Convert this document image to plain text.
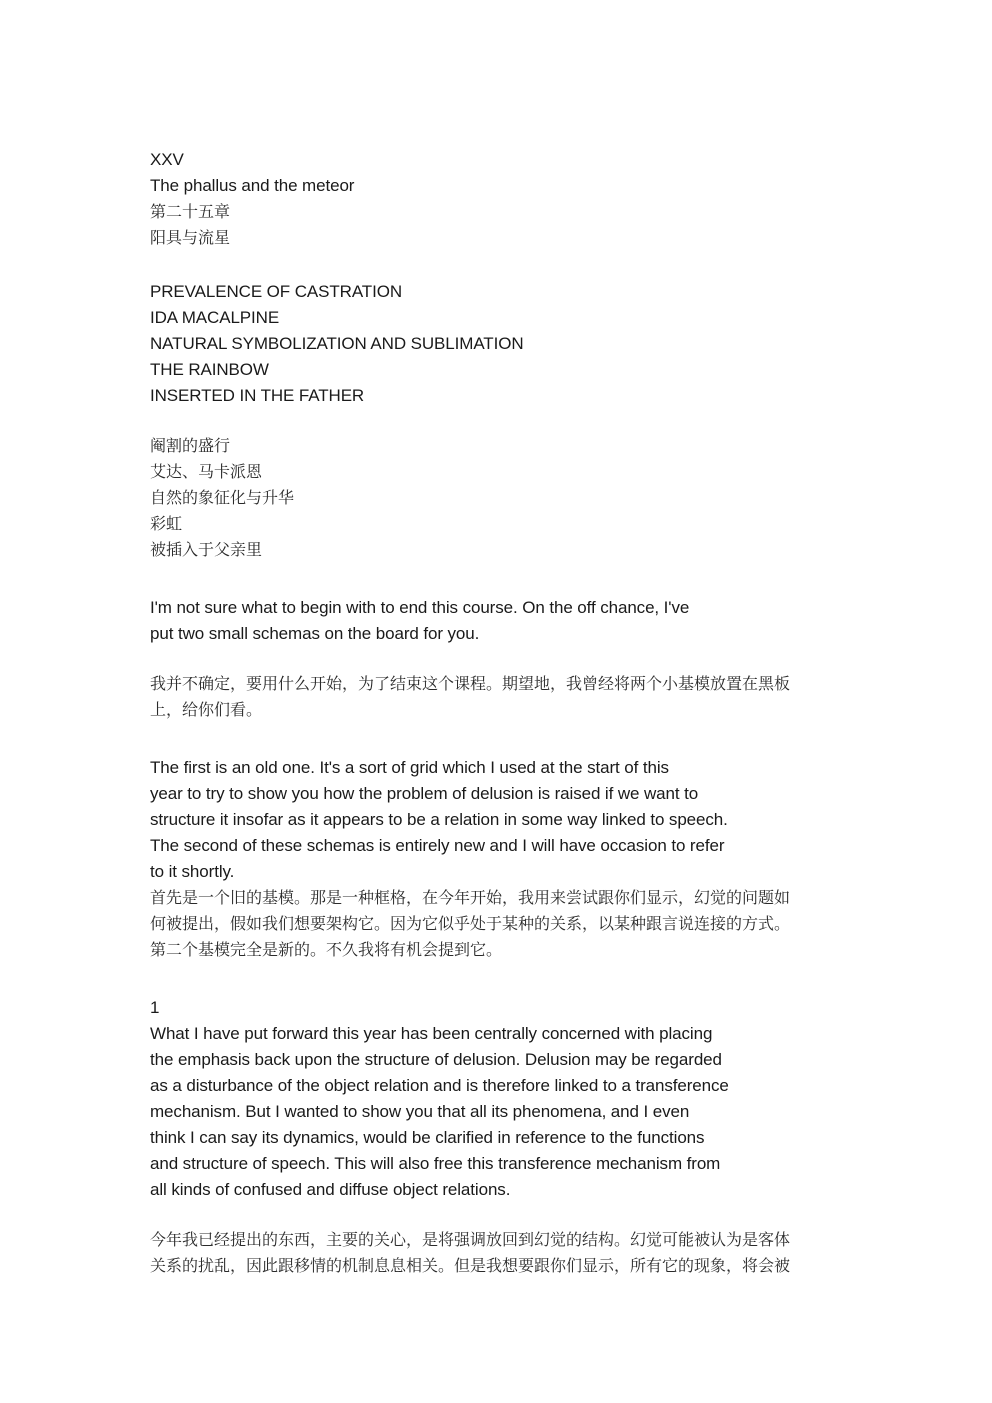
XXV

The phallus and the meteor

第二十五章

阳具与流星

PREVALENCE OF CASTRATION

IDA MACALPINE

NATURAL SYMBOLIZATION AND SUBLIMATION

THE RAINBOW

INSERTED IN THE FATHER

阉割的盛行

艾达、马卡派恩

自然的象征化与升华

彩虹

被插入于父亲里

I'm not sure what to begin with to end this course. On the off chance, I've

put two small schemas on the board for you.

我并不确定，要用什么开始，为了结束这个课程。期望地，我曾经将两个小基模放置在黑板

上，给你们看。

The first is an old one. It's a sort of grid which I used at the start of this

year to try to show you how the problem of delusion is raised if we want to

structure it insofar as it appears to be a relation in some way linked to speech.

The second of these schemas is entirely new and I will have occasion to refer

to it shortly.

首先是一个旧的基模。那是一种框格，在今年开始，我用来尝试跟你们显示，幻觉的问题如

何被提出，假如我们想要架构它。因为它似乎处于某种的关系，以某种跟言说连接的方式。

第二个基模完全是新的。不久我将有机会提到它。

1

What I have put forward this year has been centrally concerned with placing

the emphasis back upon the structure of delusion. Delusion may be regarded

as a disturbance of the object relation and is therefore linked to a transference

mechanism. But I wanted to show you that all its phenomena, and I even

think I can say its dynamics, would be clarified in reference to the functions

and structure of speech. This will also free this transference mechanism from

all kinds of confused and diffuse object relations.

今年我已经提出的东西，主要的关心，是将强调放回到幻觉的结构。幻觉可能被认为是客体

关系的扰乱，因此跟移情的机制息息相关。但是我想要跟你们显示，所有它的现象，将会被
